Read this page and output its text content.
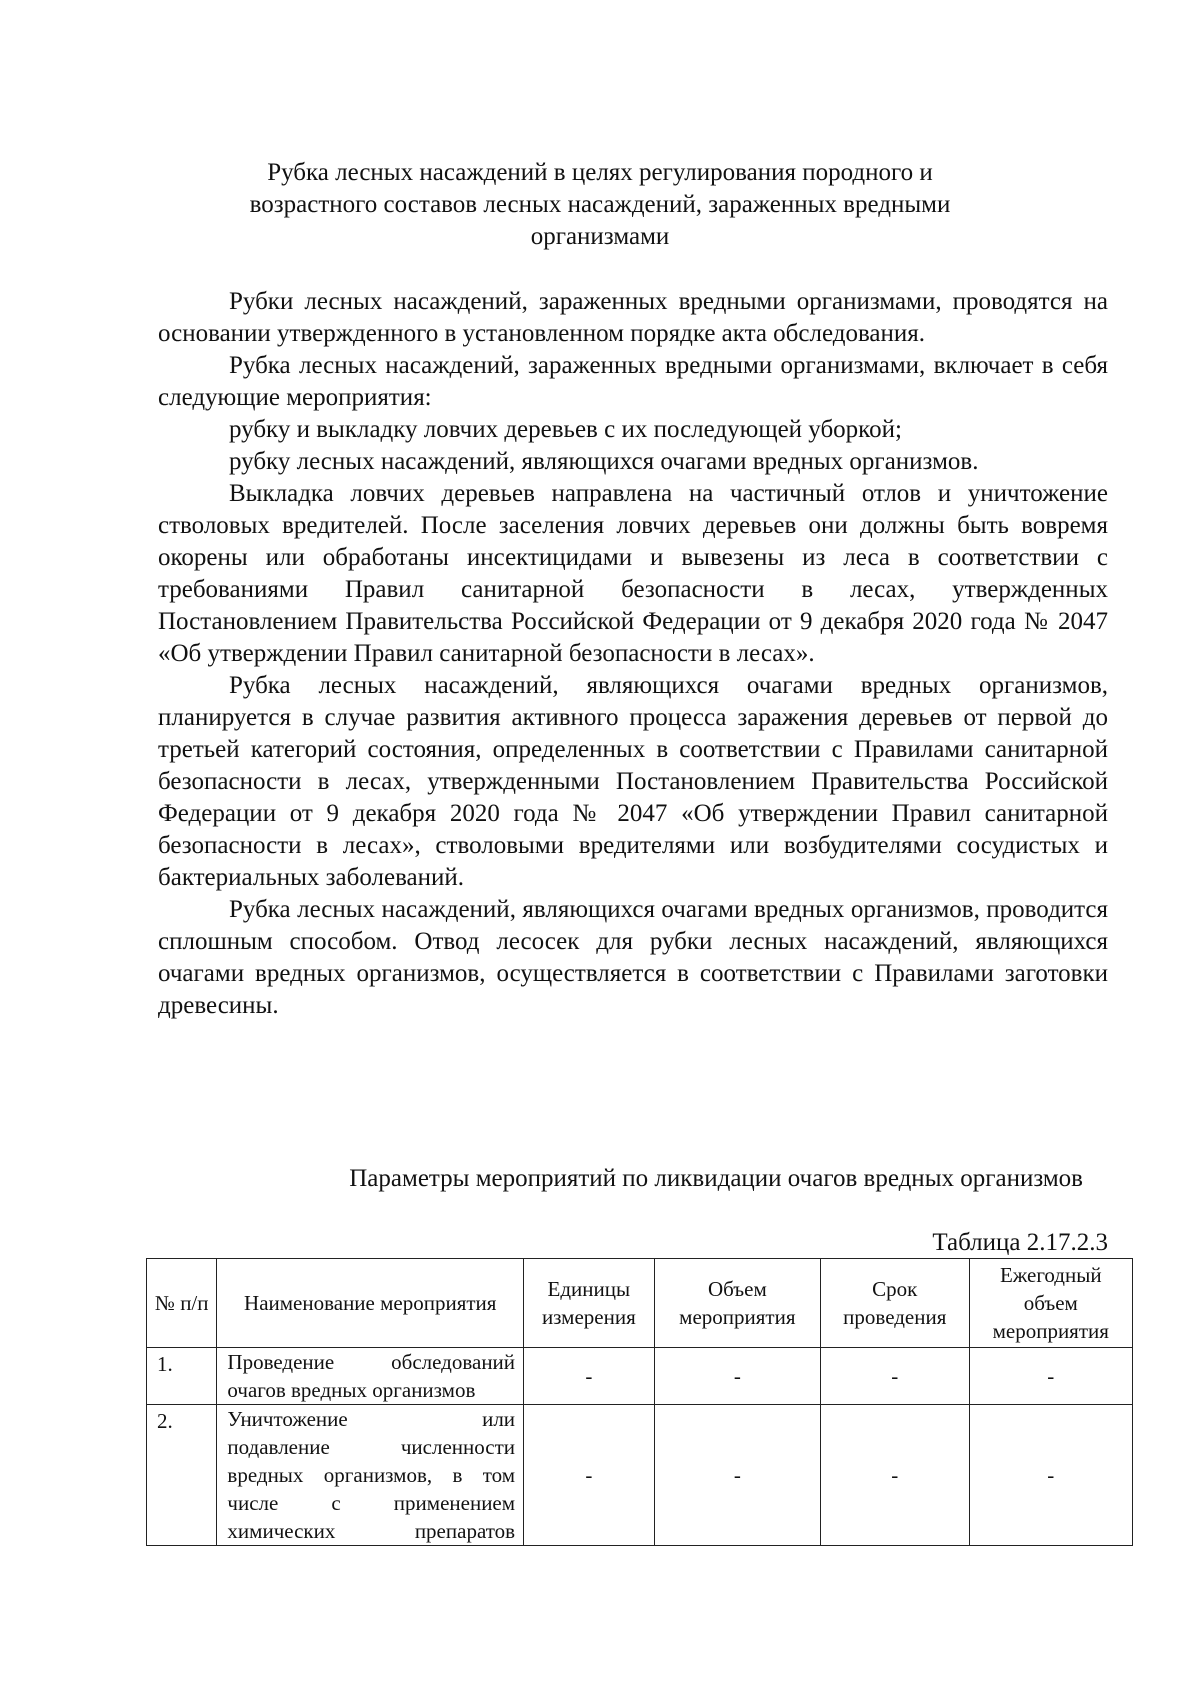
Рубка лесных насаждений в целях регулирования породного и
возрастного составов лесных насаждений, зараженных вредными
организмами

Рубки лесных насаждений, зараженных вредными организмами, проводятся на основании утвержденного в установленном порядке акта обследования.

Рубка лесных насаждений, зараженных вредными организмами, включает в себя следующие мероприятия:

рубку и выкладку ловчих деревьев с их последующей уборкой;

рубку лесных насаждений, являющихся очагами вредных организмов.

Выкладка ловчих деревьев направлена на частичный отлов и уничтожение стволовых вредителей. После заселения ловчих деревьев они должны быть вовремя окорены или обработаны инсектицидами и вывезены из леса в соответствии с требованиями Правил санитарной безопасности в лесах, утвержденных Постановлением Правительства Российской Федерации от 9 декабря 2020 года № 2047 «Об утверждении Правил санитарной безопасности в лесах».

Рубка лесных насаждений, являющихся очагами вредных организмов, планируется в случае развития активного процесса заражения деревьев от первой до третьей категорий состояния, определенных в соответствии с Правилами санитарной безопасности в лесах, утвержденными Постановлением Правительства Российской Федерации от 9 декабря 2020 года № 2047 «Об утверждении Правил санитарной безопасности в лесах», стволовыми вредителями или возбудителями сосудистых и бактериальных заболеваний.

Рубка лесных насаждений, являющихся очагами вредных организмов, проводится сплошным способом. Отвод лесосек для рубки лесных насаждений, являющихся очагами вредных организмов, осуществляется в соответствии с Правилами заготовки древесины.

Параметры мероприятий по ликвидации очагов вредных организмов
Таблица 2.17.2.3
№ п/п	Наименование мероприятия	Единицы измерения	Объем мероприятия	Срок проведения	Ежегодный объем мероприятия
1.	Проведение обследований
очагов вредных организмов	-	-	-	-
2.	Уничтожение или
подавление численности
вредных организмов, в том
числе с применением
химических препаратов	-	-	-	-
